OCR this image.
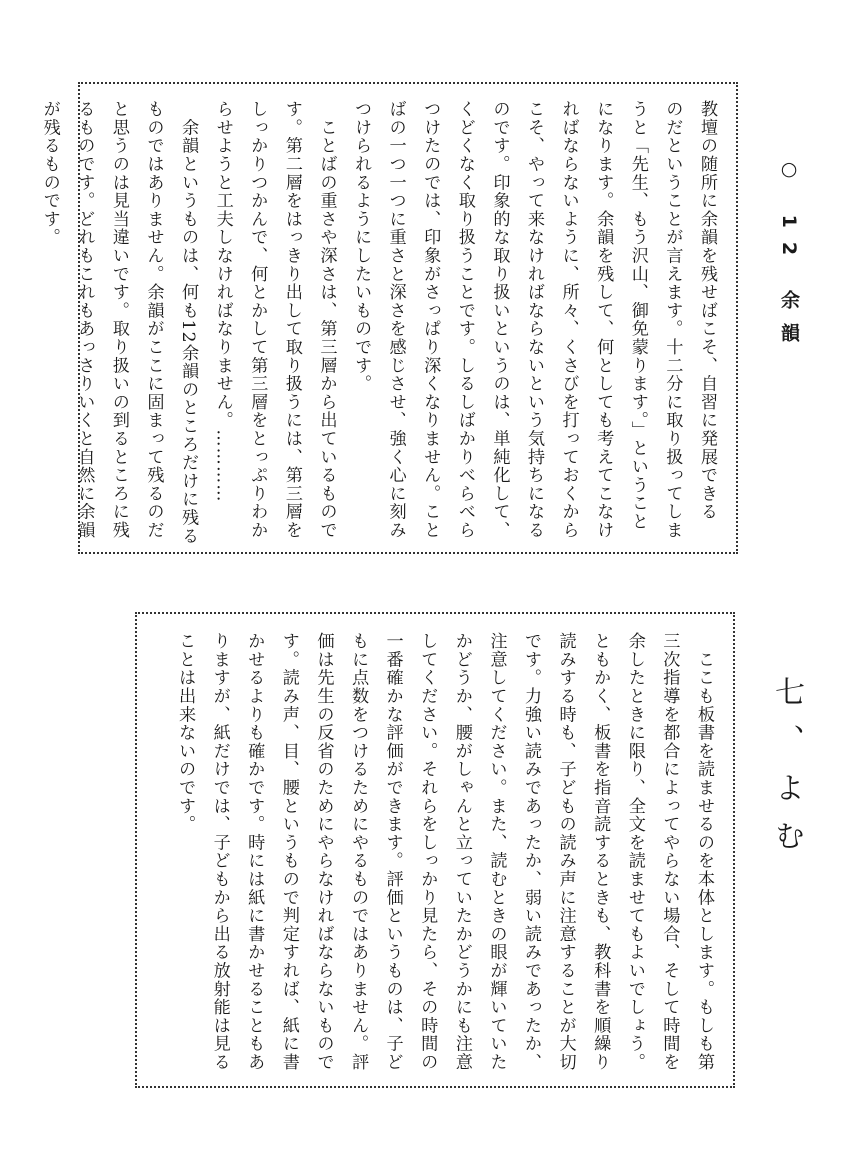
○ 12 余韻
教壇の随所に余韻を残せばこそ、自習に発展できる
のだということが言えます。十二分に取り扱ってしま
うと「先生、もう沢山、御免蒙ります。」ということ
になります。余韻を残して、何としても考えてこなけ
ればならないように、所々、くさびを打っておくから
こそ、やって来なければならないという気持ちになる
のです。印象的な取り扱いというのは、単純化して、
くどくなく取り扱うことです。しるしばかりべらべら
つけたのでは、印象がさっぱり深くなりません。こと
ばの一つ一つに重さと深さを感じさせ、強く心に刻み
つけられるようにしたいものです。
　ことばの重さや深さは、第三層から出ているもので
す。第二層をはっきり出して取り扱うには、第三層を
しっかりつかんで、何とかして第三層をとっぷりわか
らせようと工夫しなければなりません。…………
　余韻というものは、何も12余韻のところだけに残る
ものではありません。余韻がここに固まって残るのだ
と思うのは見当違いです。取り扱いの到るところに残
るものです。どれもこれもあっさりいくと自然に余韻
が残るものです。
七、よむ
　ここも板書を読ませるのを本体とします。もしも第
三次指導を都合によってやらない場合、そして時間を
余したときに限り、全文を読ませてもよいでしょう。
ともかく、板書を指音読するときも、教科書を順繰り
読みする時も、子どもの読み声に注意することが大切
です。力強い読みであったか、弱い読みであったか、
注意してください。また、読むときの眼が輝いていた
かどうか、腰がしゃんと立っていたかどうかにも注意
してください。それらをしっかり見たら、その時間の
一番確かな評価ができます。評価というものは、子ど
もに点数をつけるためにやるものではありません。評
価は先生の反省のためにやらなければならないもので
す。読み声、目、腰というもので判定すれば、紙に書
かせるよりも確かです。時には紙に書かせることもあ
りますが、紙だけでは、子どもから出る放射能は見る
ことは出来ないのです。
